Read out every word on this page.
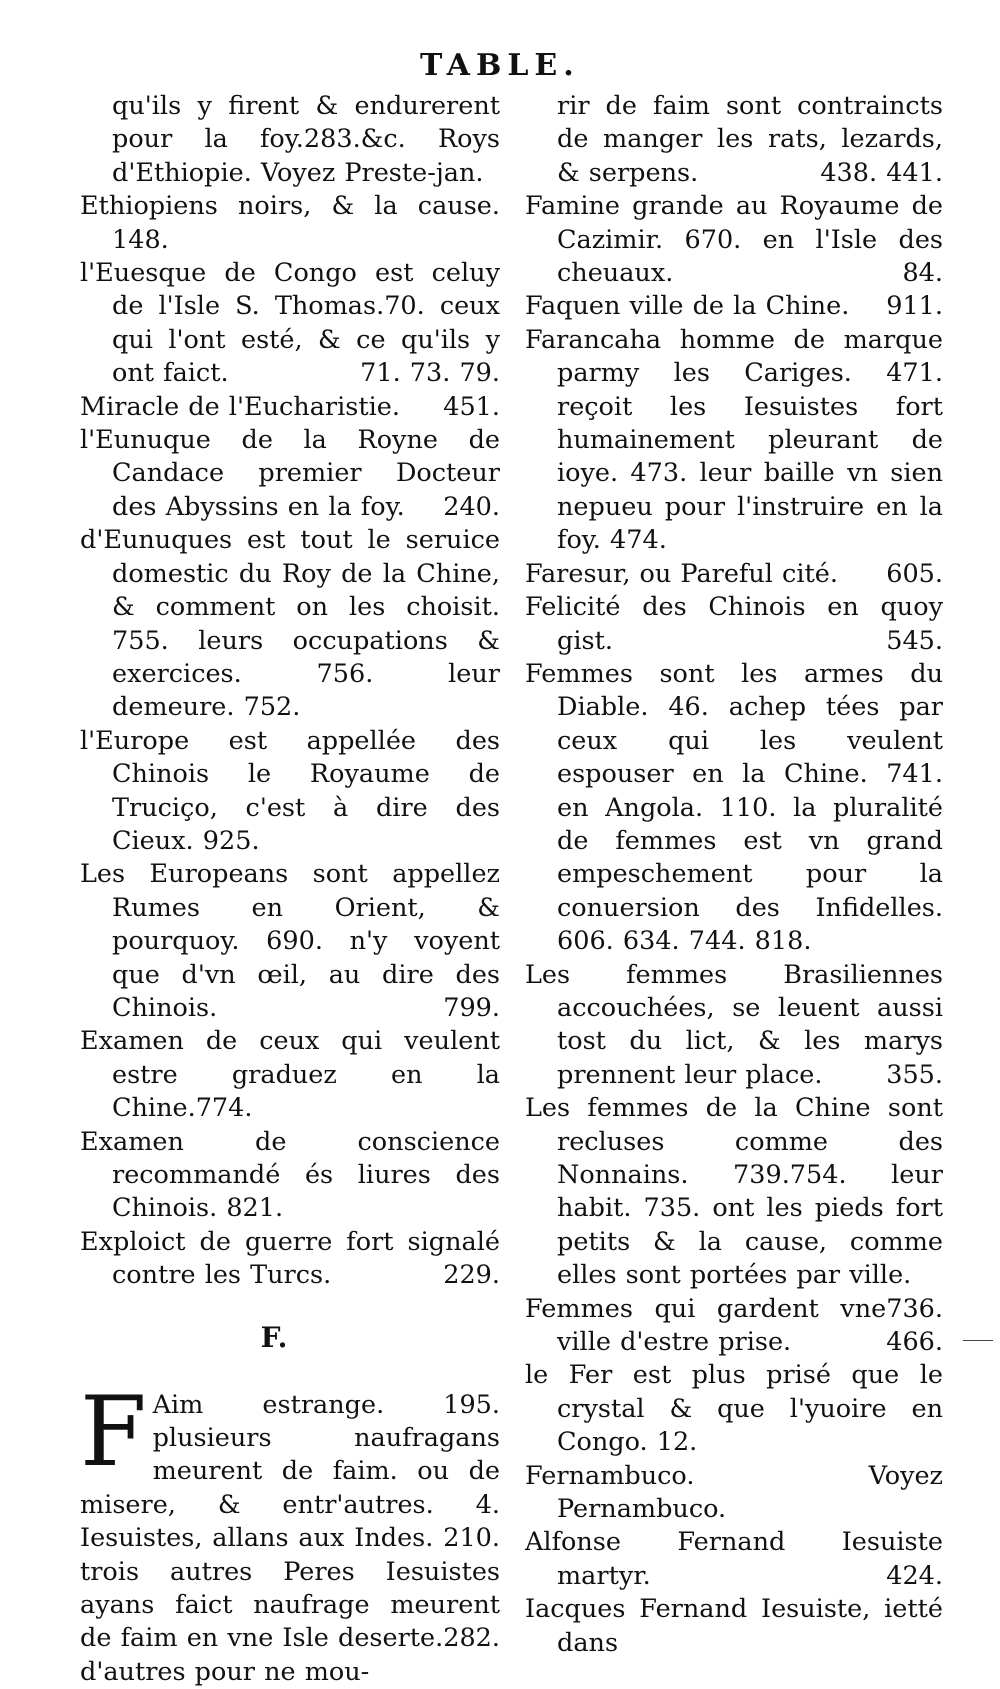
TABLE.

qu'ils y firent & endurerent pour la foy.283.&c. Roys d'Ethiopie. Voyez Preste-jan.

Ethiopiens noirs, & la cause. 148.

l'Euesque de Congo est celuy de l'Isle S. Thomas.70. ceux qui l'ont esté, & ce qu'ils y ont faict.	71. 73. 79.

Miracle de l'Eucharistie. 451.

l'Eunuque de la Royne de Candace premier Docteur des Abyssins en la foy. 240.

d'Eunuques est tout le seruice domestic du Roy de la Chine, & comment on les choisit. 755. leurs occupations & exercices. 756. leur demeure. 752.

l'Europe est appellée des Chinois le Royaume de Truciço, c'est à dire des Cieux. 925.

Les Europeans sont appellez Rumes en Orient, & pourquoy. 690. n'y voyent que d'vn œil, au dire des Chinois.	799.

Examen de ceux qui veulent estre graduez en la Chine.774.

Examen de conscience recommandé és liures des Chinois. 821.

Exploict de guerre fort signalé contre les Turcs.	229.

F.

F Aim estrange. 195. plusieurs naufragans meurent de faim. ou de misere, & entr'autres. 4. Iesuistes, allans aux Indes. 210. trois autres Peres Iesuistes ayans faict naufrage meurent de faim en vne Isle deserte.282. d'autres pour ne mou-

rir de faim sont contraincts de manger les rats, lezards, & serpens.	438. 441.

Famine grande au Royaume de Cazimir. 670. en l'Isle des cheuaux.	84.

Faquen ville de la Chine. 911.

Farancaha homme de marque parmy les Cariges. 471. reçoit les Iesuistes fort humainement pleurant de ioye. 473. leur baille vn sien nepueu pour l'instruire en la foy. 474.

Faresur, ou Pareful cité. 605.

Felicité des Chinois en quoy gist.	545.

Femmes sont les armes du Diable. 46. achep tées par ceux qui les veulent espouser en la Chine. 741. en Angola. 110. la pluralité de femmes est vn grand empeschement pour la conuersion des Infidelles. 606. 634. 744. 818.

Les femmes Brasiliennes accouchées, se leuent aussi tost du lict, & les marys prennent leur place.	355.

Les femmes de la Chine sont recluses comme des Nonnains. 739.754. leur habit. 735. ont les pieds fort petits & la cause, comme elles sont portées par ville.
736.

Femmes qui gardent vne ville d'estre prise.	466.

le Fer est plus prisé que le crystal & que l'yuoire en Congo. 12.

Fernambuco. Voyez Pernambuco.

Alfonse Fernand Iesuiste martyr.	424.

Iacques Fernand Iesuiste, ietté dans
